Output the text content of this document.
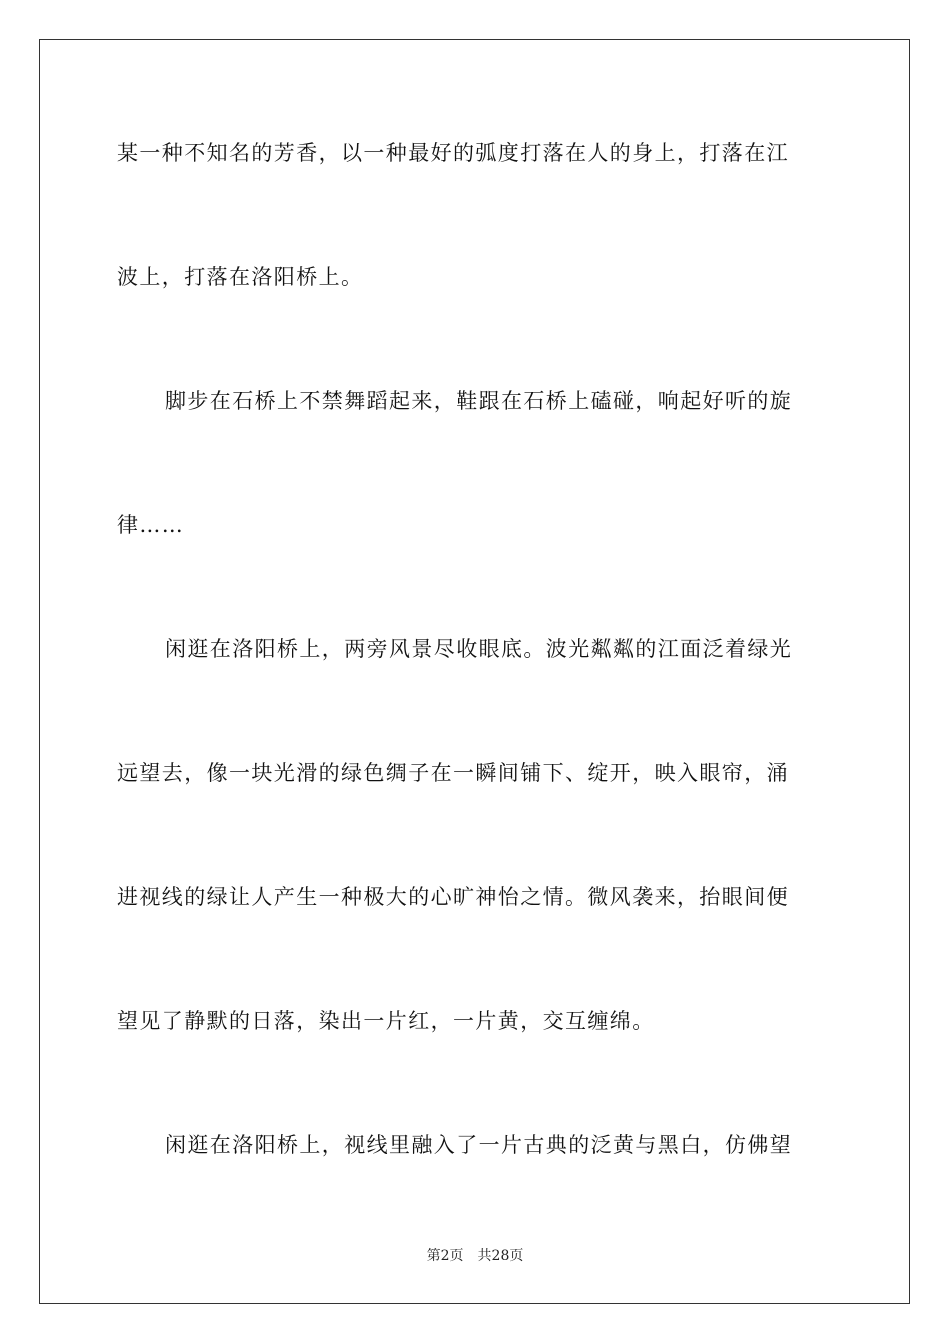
某一种不知名的芳香，以一种最好的弧度打落在人的身上，打落在江
波上，打落在洛阳桥上。
脚步在石桥上不禁舞蹈起来，鞋跟在石桥上磕碰，响起好听的旋
律……
闲逛在洛阳桥上，两旁风景尽收眼底。波光粼粼的江面泛着绿光
远望去，像一块光滑的绿色绸子在一瞬间铺下、绽开，映入眼帘，涌
进视线的绿让人产生一种极大的心旷神怡之情。微风袭来，抬眼间便
望见了静默的日落，染出一片红，一片黄，交互缠绵。
闲逛在洛阳桥上，视线里融入了一片古典的泛黄与黑白，仿佛望
第2页 共28页
